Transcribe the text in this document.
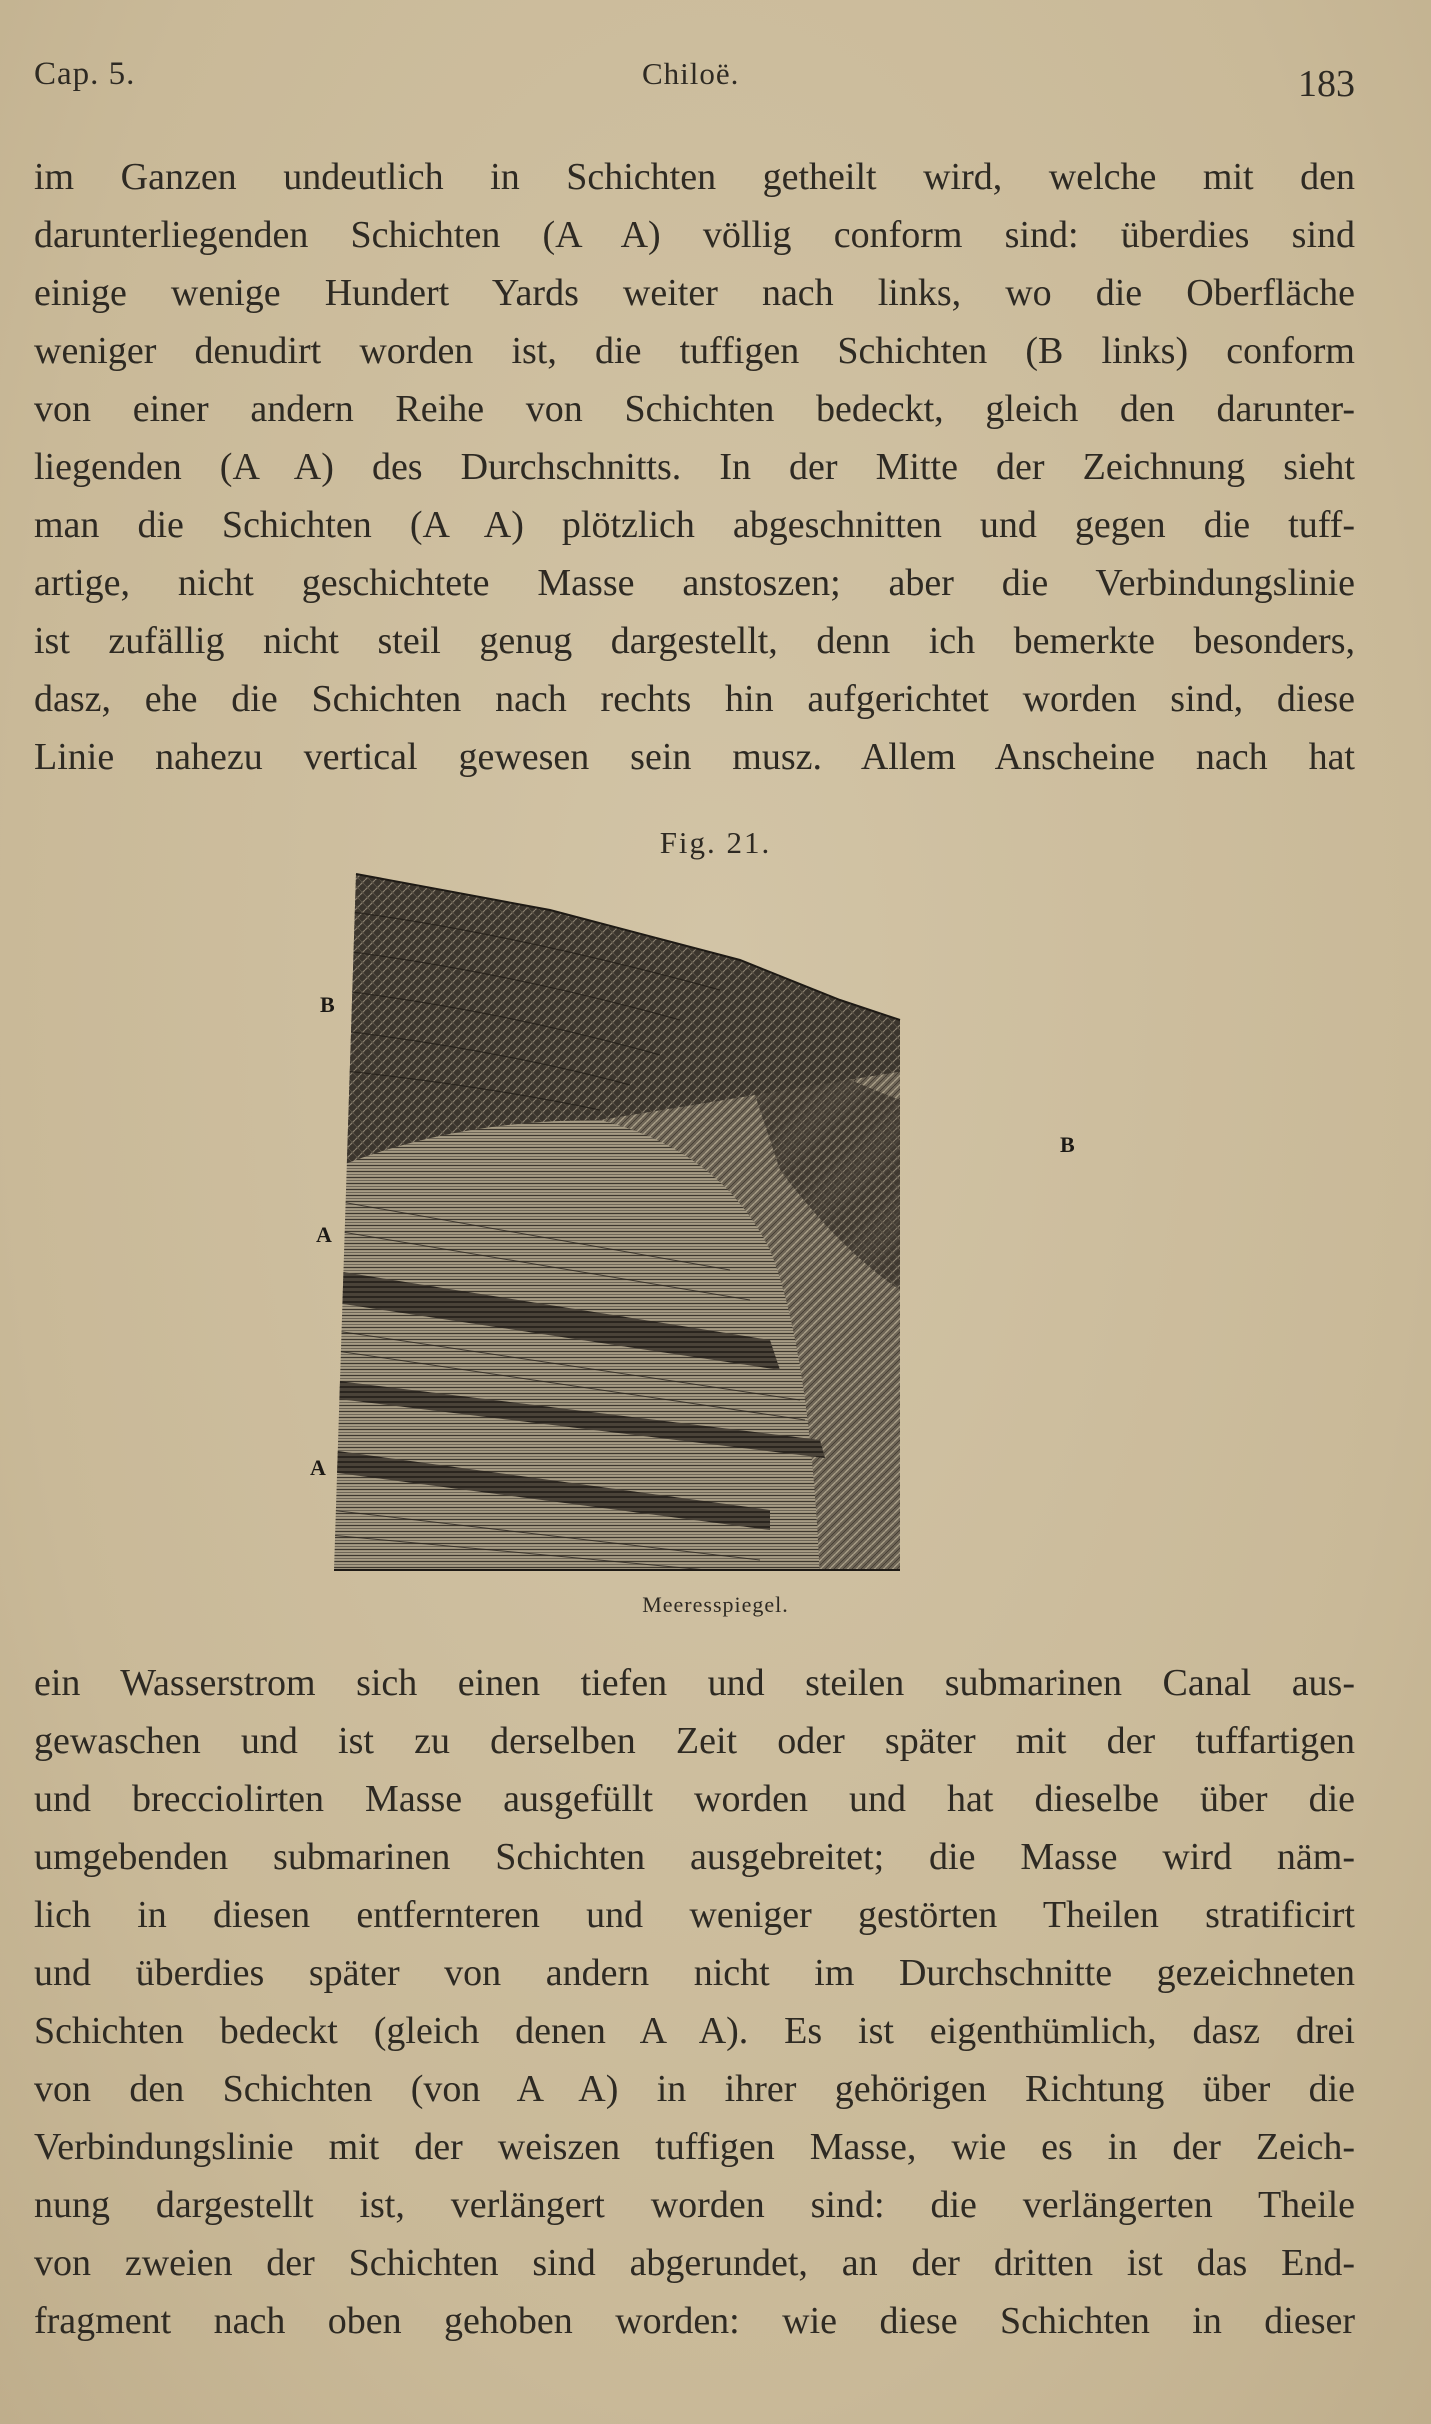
Cap. 5.	Chiloë.	183
im Ganzen undeutlich in Schichten getheilt wird, welche mit den
darunterliegenden Schichten (A A) völlig conform sind: überdies sind
einige wenige Hundert Yards weiter nach links, wo die Oberfläche
weniger denudirt worden ist, die tuffigen Schichten (B links) conform
von einer andern Reihe von Schichten bedeckt, gleich den darunter-
liegenden (A A) des Durchschnitts. In der Mitte der Zeichnung sieht
man die Schichten (A A) plötzlich abgeschnitten und gegen die tuff-
artige, nicht geschichtete Masse anstoszen; aber die Verbindungslinie
ist zufällig nicht steil genug dargestellt, denn ich bemerkte besonders,
dasz, ehe die Schichten nach rechts hin aufgerichtet worden sind, diese
Linie nahezu vertical gewesen sein musz. Allem Anscheine nach hat
Fig. 21.
B
B
A
A
Meeresspiegel.
ein Wasserstrom sich einen tiefen und steilen submarinen Canal aus-
gewaschen und ist zu derselben Zeit oder später mit der tuffartigen
und brecciolirten Masse ausgefüllt worden und hat dieselbe über die
umgebenden submarinen Schichten ausgebreitet; die Masse wird näm-
lich in diesen entfernteren und weniger gestörten Theilen stratificirt
und überdies später von andern nicht im Durchschnitte gezeichneten
Schichten bedeckt (gleich denen A A). Es ist eigenthümlich, dasz drei
von den Schichten (von A A) in ihrer gehörigen Richtung über die
Verbindungslinie mit der weiszen tuffigen Masse, wie es in der Zeich-
nung dargestellt ist, verlängert worden sind: die verlängerten Theile
von zweien der Schichten sind abgerundet, an der dritten ist das End-
fragment nach oben gehoben worden: wie diese Schichten in dieser
